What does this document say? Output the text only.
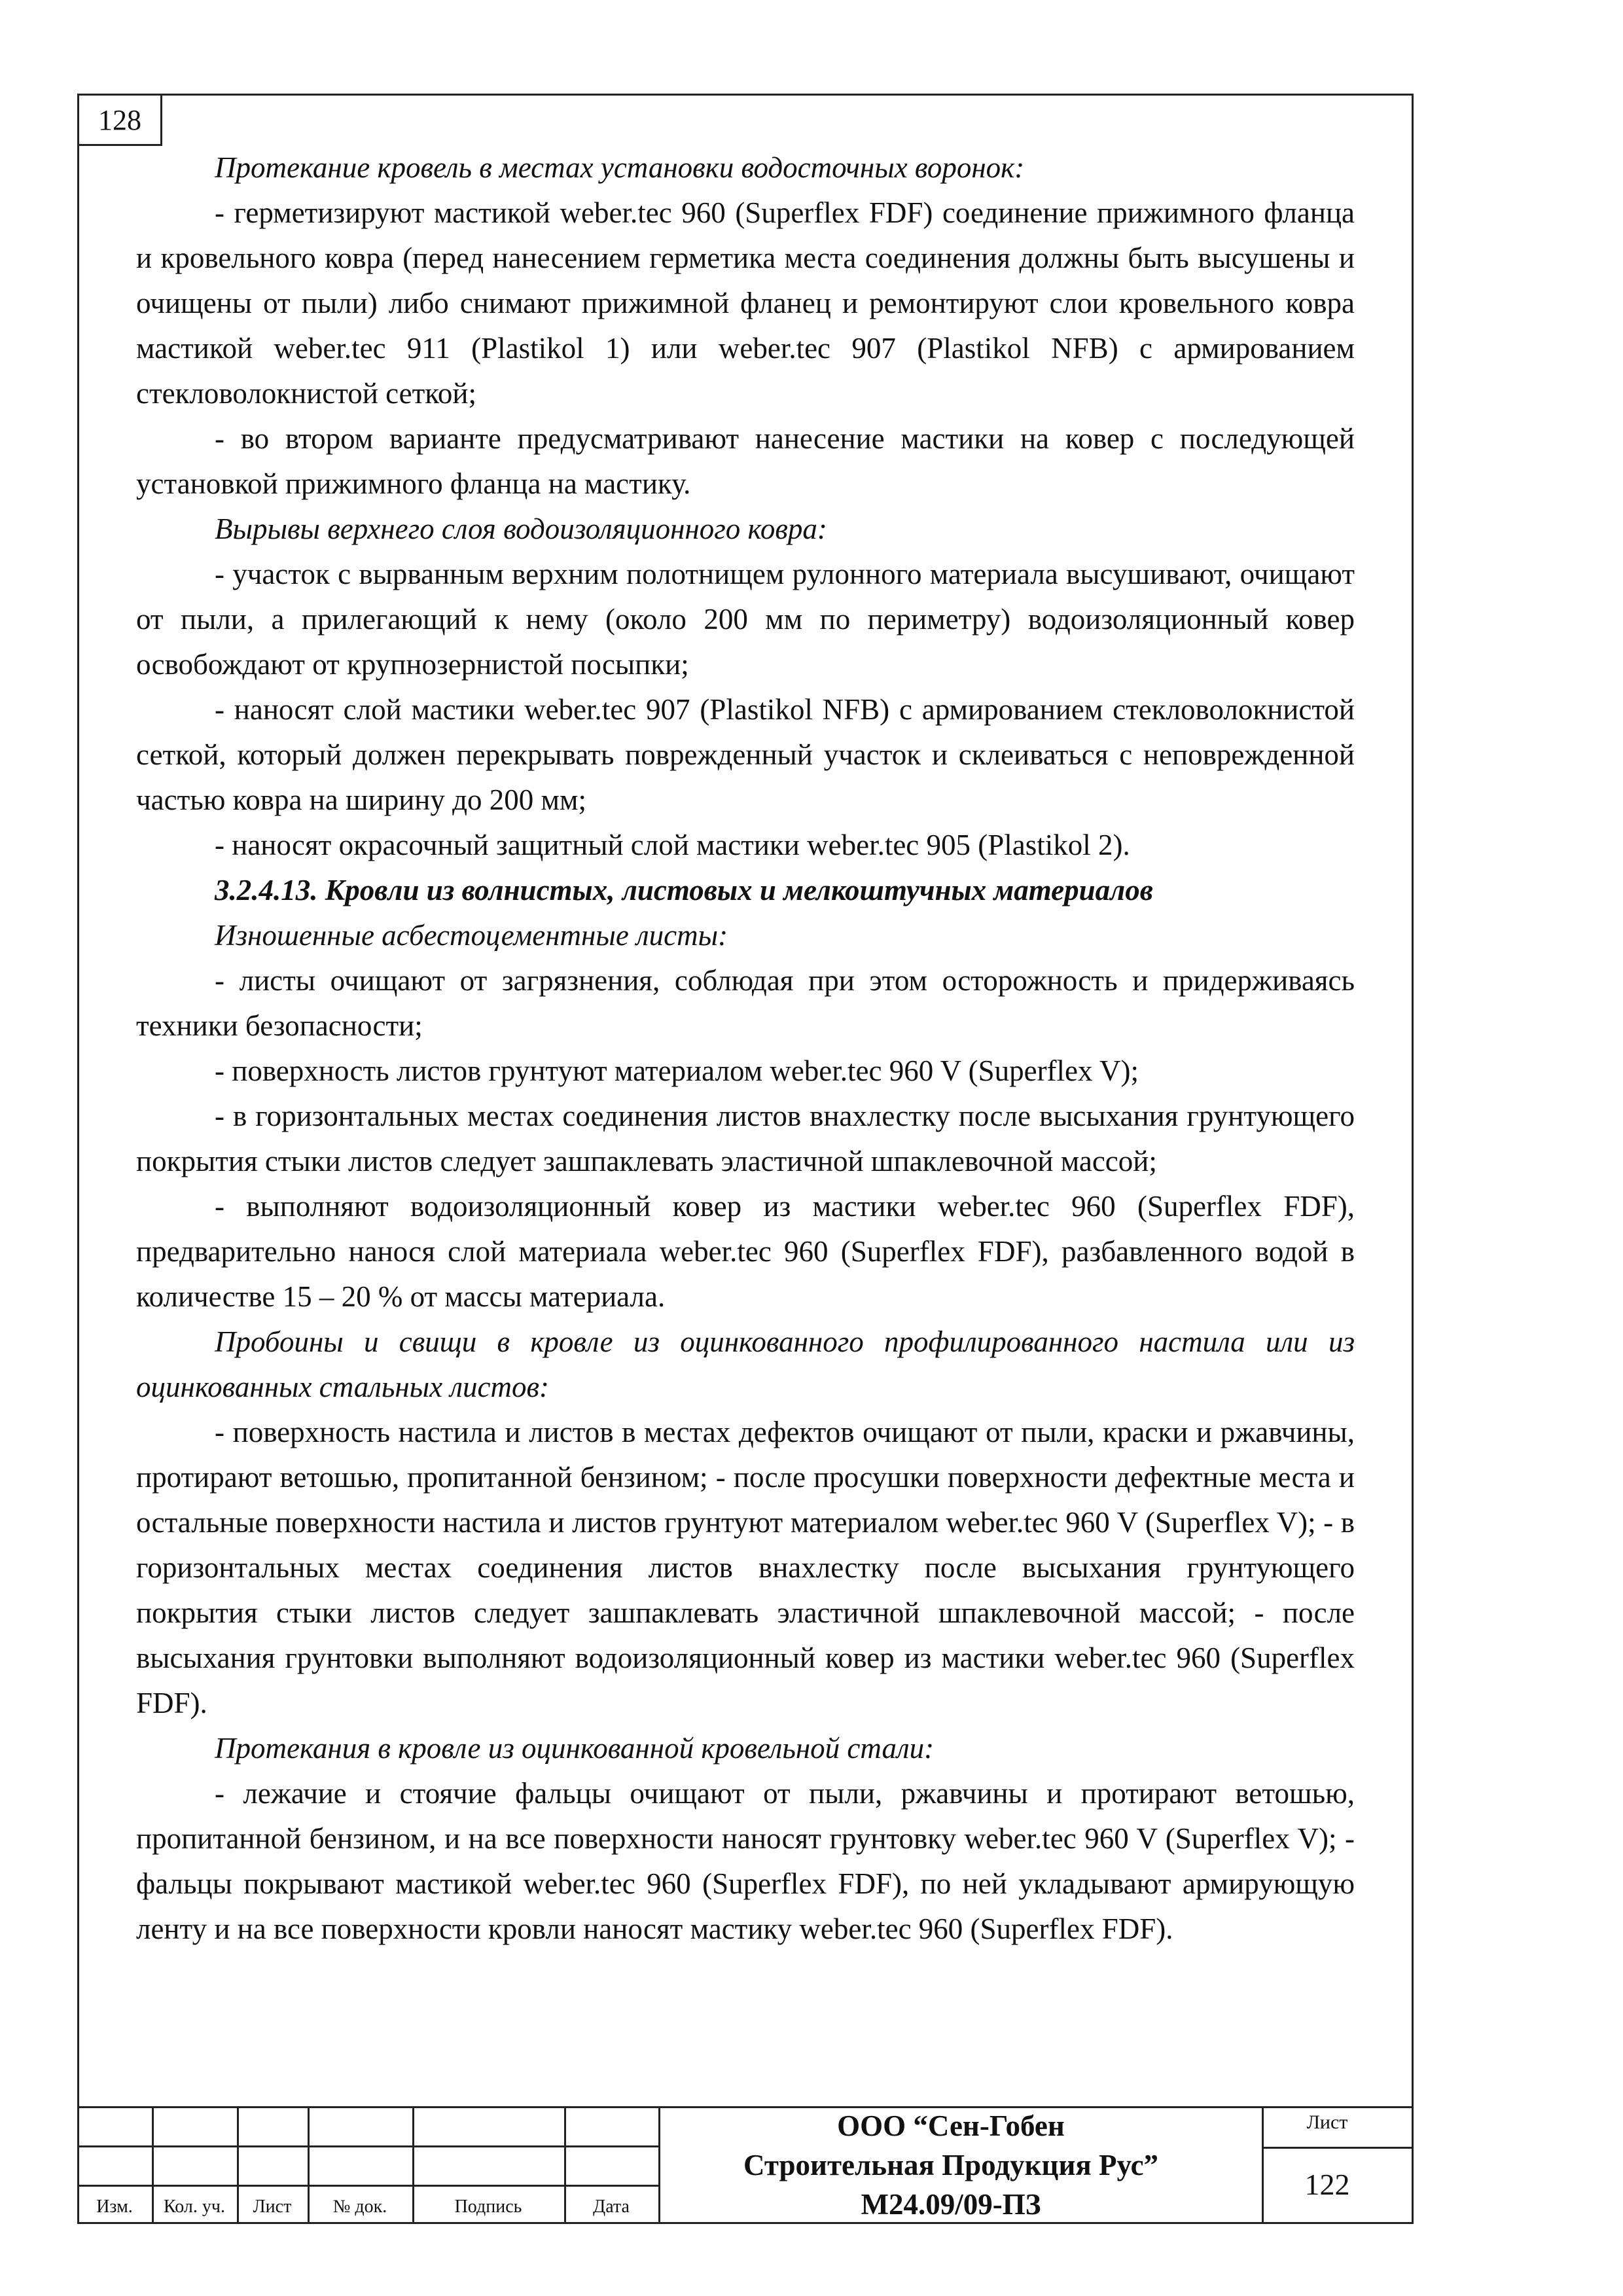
128

Протекание кровель в местах установки водосточных воронок:

- герметизируют мастикой weber.tec 960 (Superflex FDF) соединение прижимного фланца и кровельного ковра (перед нанесением герметика места соединения должны быть высушены и очищены от пыли) либо снимают прижимной фланец и ремонтируют слои кровельного ковра мастикой weber.tec 911 (Plastikol 1) или weber.tec 907 (Plastikol NFB) с армированием стекловолокнистой сеткой;

- во втором варианте предусматривают нанесение мастики на ковер с последующей установкой прижимного фланца на мастику.

Вырывы верхнего слоя водоизоляционного ковра:

- участок с вырванным верхним полотнищем рулонного материала высушивают, очищают от пыли, а прилегающий к нему (около 200 мм по периметру) водоизоляционный ковер освобождают от крупнозернистой посыпки;

- наносят слой мастики weber.tec 907 (Plastikol NFB) с армированием стекловолокнистой сеткой, который должен перекрывать поврежденный участок и склеиваться с неповрежденной частью ковра на ширину до 200 мм;

- наносят окрасочный защитный слой мастики weber.tec 905 (Plastikol 2).

3.2.4.13. Кровли из волнистых, листовых и мелкоштучных материалов

Изношенные асбестоцементные листы:

- листы очищают от загрязнения, соблюдая при этом осторожность и придерживаясь техники безопасности;

- поверхность листов грунтуют материалом weber.tec 960 V (Superflex V);

- в горизонтальных местах соединения листов внахлестку после высыхания грунтующего покрытия стыки листов следует зашпаклевать эластичной шпаклевочной массой;

- выполняют водоизоляционный ковер из мастики weber.tec 960 (Superflex FDF), предварительно нанося слой материала weber.tec 960 (Superflex FDF), разбавленного водой в количестве 15 – 20 % от массы материала.

Пробоины и свищи в кровле из оцинкованного профилированного настила или из оцинкованных стальных листов:

- поверхность настила и листов в местах дефектов очищают от пыли, краски и ржавчины, протирают ветошью, пропитанной бензином; - после просушки поверхности дефектные места и остальные поверхности настила и листов грунтуют материалом weber.tec 960 V (Superflex V); - в горизонтальных местах соединения листов внахлестку после высыхания грунтующего покрытия стыки листов следует зашпаклевать эластичной шпаклевочной массой; - после высыхания грунтовки выполняют водоизоляционный ковер из мастики weber.tec 960 (Superflex FDF).

Протекания в кровле из оцинкованной кровельной стали:

- лежачие и стоячие фальцы очищают от пыли, ржавчины и протирают ветошью, пропитанной бензином, и на все поверхности наносят грунтовку weber.tec 960 V (Superflex V); - фальцы покрывают мастикой weber.tec 960 (Superflex FDF), по ней укладывают армирующую ленту и на все поверхности кровли наносят мастику weber.tec 960 (Superflex FDF).

Изм.	Кол. уч.	Лист	№ док.	Подпись	Дата
ООО “Сен-Гобен
Строительная Продукция Рус”
М24.09/09-ПЗ
Лист
122
